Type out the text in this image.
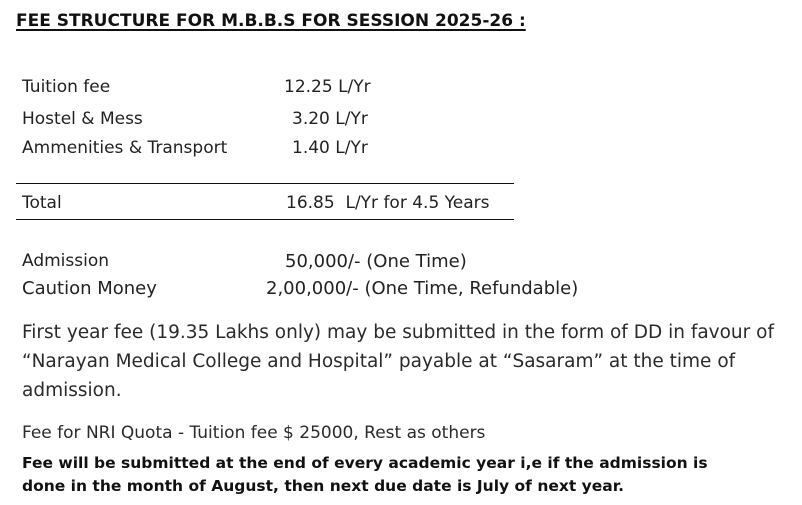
FEE STRUCTURE FOR M.B.B.S FOR SESSION 2025-26 :
Tuition fee	12.25 L/Yr
Hostel & Mess	3.20 L/Yr
Ammenities & Transport	1.40 L/Yr
Total	16.85  L/Yr for 4.5 Years
Admission	50,000/- (One Time)
Caution Money	2,00,000/- (One Time, Refundable)
First year fee (19.35 Lakhs only) may be submitted in the form of DD in favour of “Narayan Medical College and Hospital” payable at “Sasaram” at the time of admission.
Fee for NRI Quota - Tuition fee $ 25000, Rest as others
Fee will be submitted at the end of every academic year i,e if the admission is done in the month of August, then next due date is July of next year.
